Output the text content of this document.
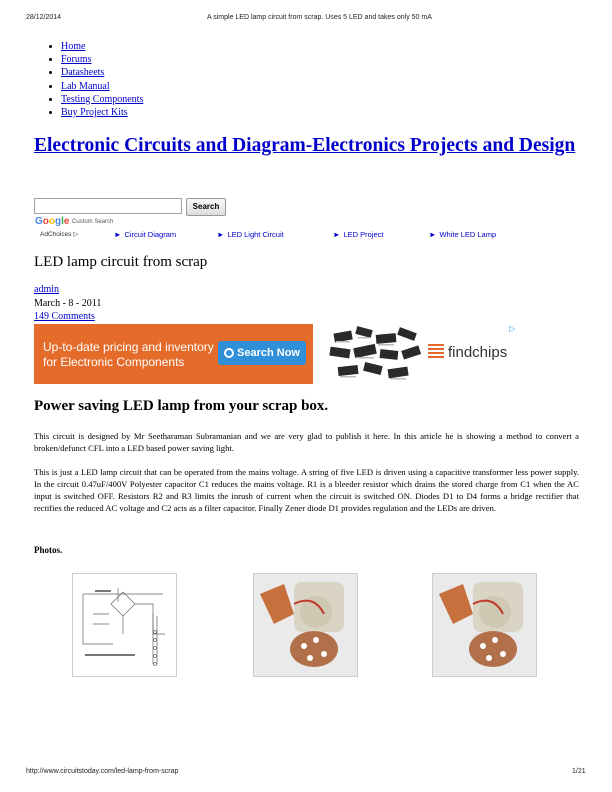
28/12/2014	A simple LED lamp circuit from scrap. Uses 5 LED and takes only 50 mA
• Home
• Forums
• Datasheets
• Lab Manual
• Testing Components
• Buy Project Kits
Electronic Circuits and Diagram-Electronics Projects and Design
Search
Google Custom Search
AdChoices ▷	► Circuit Diagram	► LED Light Circuit	► LED Project	► White LED Lamp
LED lamp circuit from scrap
admin
March - 8 - 2011
149 Comments
Up-to-date pricing and inventory
for Electronic Components
Search Now	findchips
▷
Power saving LED lamp from your scrap box.
This circuit is designed by Mr Seetharaman Subramanian and we are very glad to publish it here. In this article he is showing a method to convert a broken/defunct CFL into a LED based power saving light.
This is just a LED lamp circuit that can be operated from the mains voltage. A string of five LED is driven using a capacitive transformer less power supply. In the circuit 0.47uF/400V Polyester capacitor C1 reduces the mains voltage. R1 is a bleeder resistor which drains the stored charge from C1 when the AC input is switched OFF. Resistors R2 and R3 limits the inrush of current when the circuit is switched ON. Diodes D1 to D4 forms a bridge rectifier that rectifies the reduced AC voltage and C2 acts as a filter capacitor. Finally Zener diode D1 provides regulation and the LEDs are driven.
Photos.
http://www.circuitstoday.com/led-lamp-from-scrap	1/21
